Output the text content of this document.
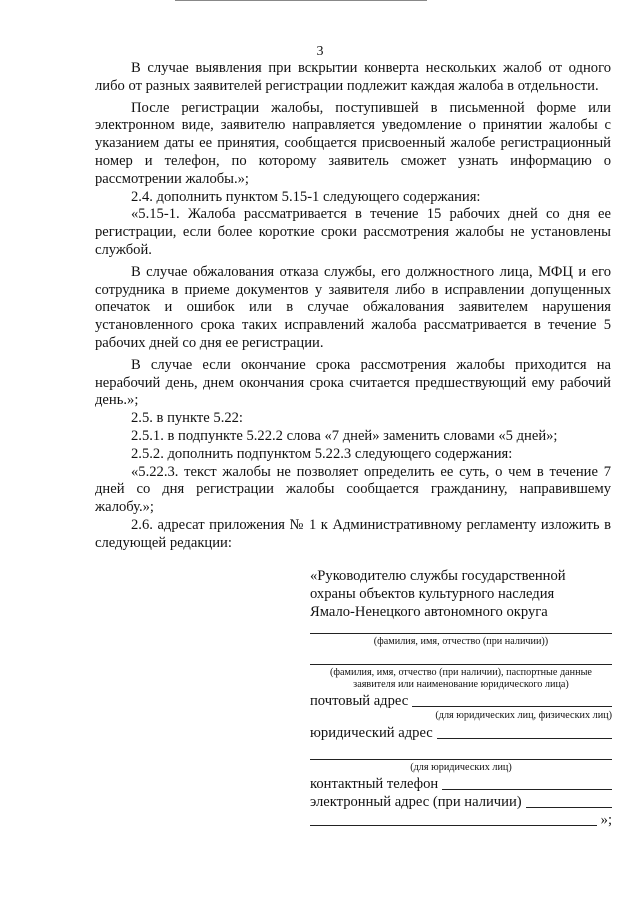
3

В случае выявления при вскрытии конверта нескольких жалоб от одного либо от разных заявителей регистрации подлежит каждая жалоба в отдельности.

После регистрации жалобы, поступившей в письменной форме или электронном виде, заявителю направляется уведомление о принятии жалобы с указанием даты ее принятия, сообщается присвоенный жалобе регистрационный номер и телефон, по которому заявитель сможет узнать информацию о рассмотрении жалобы.»;

2.4. дополнить пунктом 5.15-1 следующего содержания:

«5.15-1. Жалоба рассматривается в течение 15 рабочих дней со дня ее регистрации, если более короткие сроки рассмотрения жалобы не установлены службой.

В случае обжалования отказа службы, его должностного лица, МФЦ и его сотрудника в приеме документов у заявителя либо в исправлении допущенных опечаток и ошибок или в случае обжалования заявителем нарушения установленного срока таких исправлений жалоба рассматривается в течение 5 рабочих дней со дня ее регистрации.

В случае если окончание срока рассмотрения жалобы приходится на нерабочий день, днем окончания срока считается предшествующий ему рабочий день.»;

2.5. в пункте 5.22:

2.5.1. в подпункте 5.22.2 слова «7 дней» заменить словами «5 дней»;

2.5.2. дополнить подпунктом 5.22.3 следующего содержания:

«5.22.3. текст жалобы не позволяет определить ее суть, о чем в течение 7 дней со дня регистрации жалобы сообщается гражданину, направившему жалобу.»;

2.6. адресат приложения № 1 к Административному регламенту изложить в следующей редакции:

«Руководителю службы государственной
охраны объектов культурного наследия
Ямало-Ненецкого автономного округа
(фамилия, имя, отчество (при наличии))
(фамилия, имя, отчество (при наличии), паспортные данные
заявителя или наименование юридического лица)
почтовый адрес
(для юридических лиц, физических лиц)
юридический адрес
(для юридических лиц)
контактный телефон
электронный адрес (при наличии)
»;
